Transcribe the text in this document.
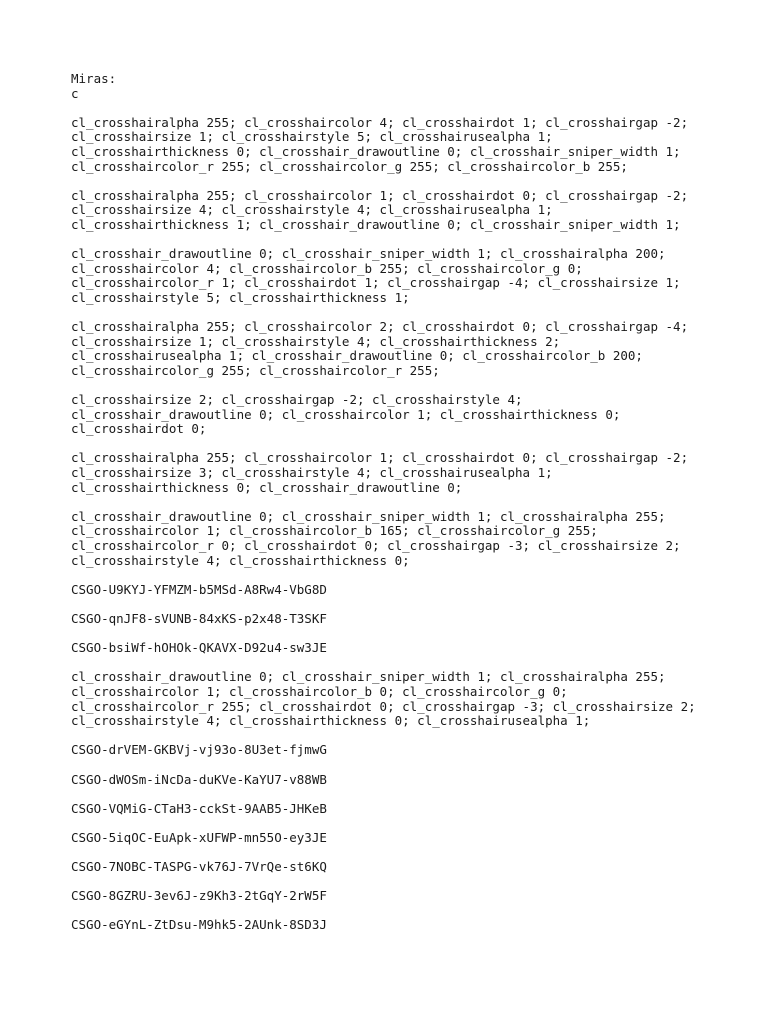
Miras:
c
cl_crosshairalpha 255; cl_crosshaircolor 4; cl_crosshairdot 1; cl_crosshairgap -2;
cl_crosshairsize 1; cl_crosshairstyle 5; cl_crosshairusealpha 1;
cl_crosshairthickness 0; cl_crosshair_drawoutline 0; cl_crosshair_sniper_width 1;
cl_crosshaircolor_r 255; cl_crosshaircolor_g 255; cl_crosshaircolor_b 255;
cl_crosshairalpha 255; cl_crosshaircolor 1; cl_crosshairdot 0; cl_crosshairgap -2;
cl_crosshairsize 4; cl_crosshairstyle 4; cl_crosshairusealpha 1;
cl_crosshairthickness 1; cl_crosshair_drawoutline 0; cl_crosshair_sniper_width 1;
cl_crosshair_drawoutline 0; cl_crosshair_sniper_width 1; cl_crosshairalpha 200;
cl_crosshaircolor 4; cl_crosshaircolor_b 255; cl_crosshaircolor_g 0;
cl_crosshaircolor_r 1; cl_crosshairdot 1; cl_crosshairgap -4; cl_crosshairsize 1;
cl_crosshairstyle 5; cl_crosshairthickness 1;
cl_crosshairalpha 255; cl_crosshaircolor 2; cl_crosshairdot 0; cl_crosshairgap -4;
cl_crosshairsize 1; cl_crosshairstyle 4; cl_crosshairthickness 2;
cl_crosshairusealpha 1; cl_crosshair_drawoutline 0; cl_crosshaircolor_b 200;
cl_crosshaircolor_g 255; cl_crosshaircolor_r 255;
cl_crosshairsize 2; cl_crosshairgap -2; cl_crosshairstyle 4;
cl_crosshair_drawoutline 0; cl_crosshaircolor 1; cl_crosshairthickness 0;
cl_crosshairdot 0;
cl_crosshairalpha 255; cl_crosshaircolor 1; cl_crosshairdot 0; cl_crosshairgap -2;
cl_crosshairsize 3; cl_crosshairstyle 4; cl_crosshairusealpha 1;
cl_crosshairthickness 0; cl_crosshair_drawoutline 0;
cl_crosshair_drawoutline 0; cl_crosshair_sniper_width 1; cl_crosshairalpha 255;
cl_crosshaircolor 1; cl_crosshaircolor_b 165; cl_crosshaircolor_g 255;
cl_crosshaircolor_r 0; cl_crosshairdot 0; cl_crosshairgap -3; cl_crosshairsize 2;
cl_crosshairstyle 4; cl_crosshairthickness 0;
CSGO-U9KYJ-YFMZM-b5MSd-A8Rw4-VbG8D
CSGO-qnJF8-sVUNB-84xKS-p2x48-T3SKF
CSGO-bsiWf-hOHOk-QKAVX-D92u4-sw3JE
cl_crosshair_drawoutline 0; cl_crosshair_sniper_width 1; cl_crosshairalpha 255;
cl_crosshaircolor 1; cl_crosshaircolor_b 0; cl_crosshaircolor_g 0;
cl_crosshaircolor_r 255; cl_crosshairdot 0; cl_crosshairgap -3; cl_crosshairsize 2;
cl_crosshairstyle 4; cl_crosshairthickness 0; cl_crosshairusealpha 1;
CSGO-drVEM-GKBVj-vj93o-8U3et-fjmwG
CSGO-dWOSm-iNcDa-duKVe-KaYU7-v88WB
CSGO-VQMiG-CTaH3-cckSt-9AAB5-JHKeB
CSGO-5iqOC-EuApk-xUFWP-mn55O-ey3JE
CSGO-7NOBC-TASPG-vk76J-7VrQe-st6KQ
CSGO-8GZRU-3ev6J-z9Kh3-2tGqY-2rW5F
CSGO-eGYnL-ZtDsu-M9hk5-2AUnk-8SD3J
